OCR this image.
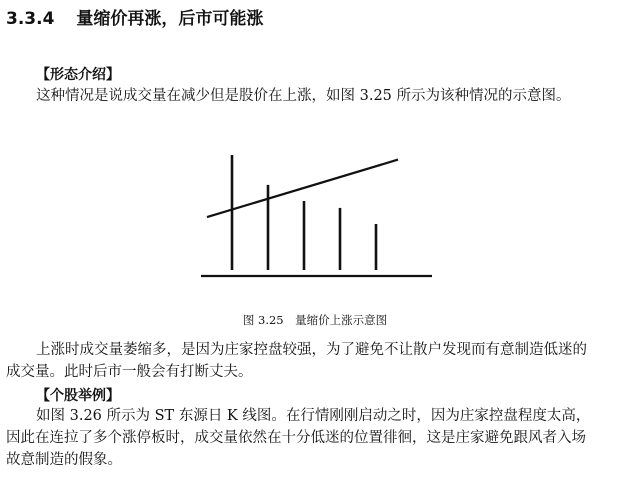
3.3.4 量缩价再涨，后市可能涨
【形态介绍】
这种情况是说成交量在减少但是股价在上涨，如图 3.25 所示为该种情况的示意图。
图 3.25　量缩价上涨示意图
上涨时成交量萎缩多，是因为庄家控盘较强，为了避免不让散户发现而有意制造低迷的
成交量。此时后市一般会有打断丈夫。
【个股举例】
如图 3.26 所示为 ST 东源日 K 线图。在行情刚刚启动之时，因为庄家控盘程度太高，
因此在连拉了多个涨停板时，成交量依然在十分低迷的位置徘徊，这是庄家避免跟风者入场
故意制造的假象。
